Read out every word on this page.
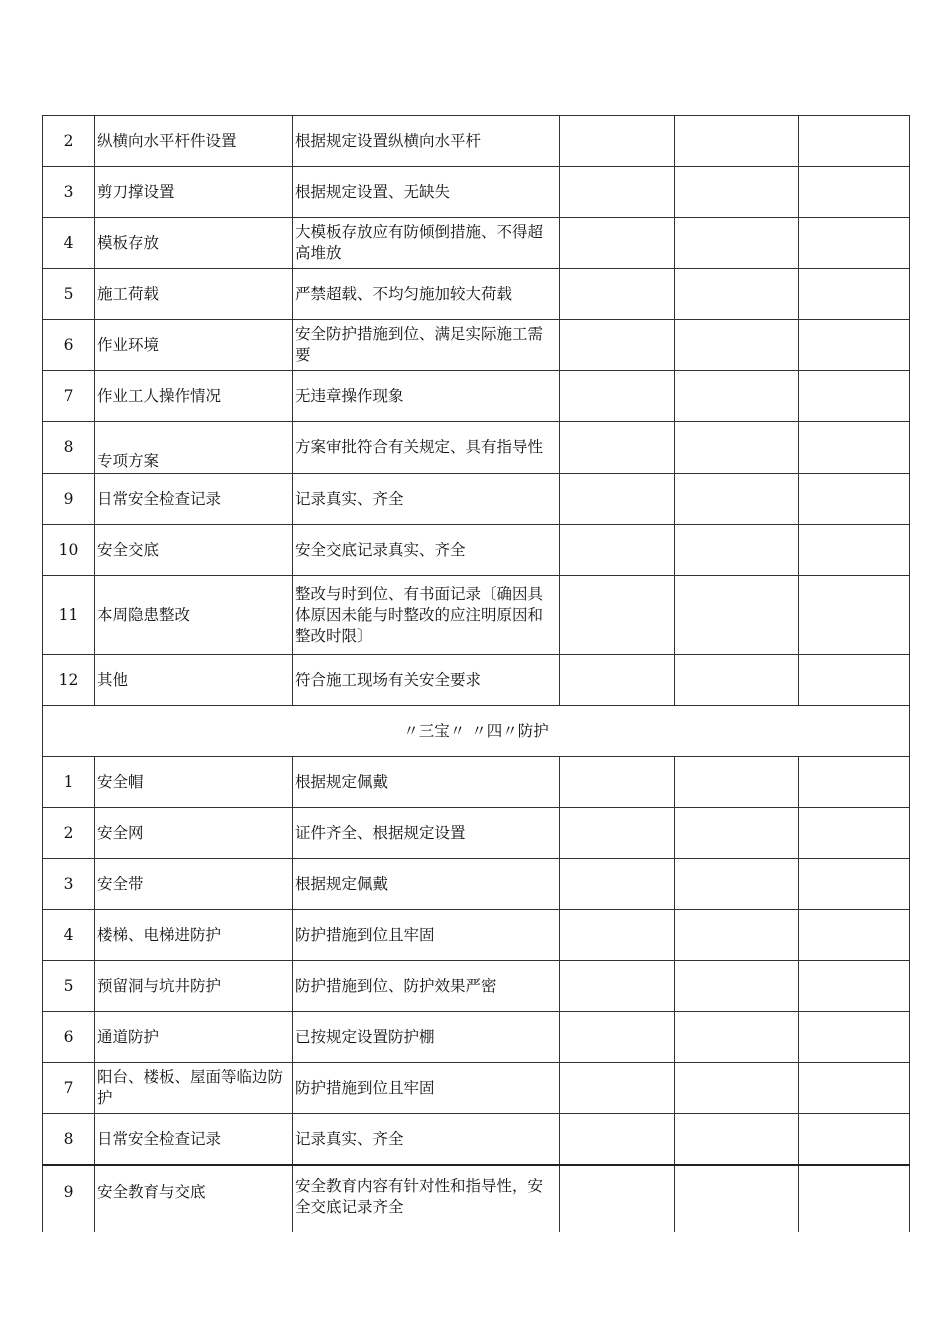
2	纵横向水平杆件设置	根据规定设置纵横向水平杆			
3	剪刀撑设置	根据规定设置、无缺失			
4	模板存放	大模板存放应有防倾倒措施、不得超高堆放			
5	施工荷载	严禁超载、不均匀施加较大荷载			
6	作业环境	安全防护措施到位、满足实际施工需要			
7	作业工人操作情况	无违章操作现象			
8	专项方案	方案审批符合有关规定、具有指导性			
9	日常安全检查记录	记录真实、齐全			
10	安全交底	安全交底记录真实、齐全			
11	本周隐患整改	整改与时到位、有书面记录〔确因具体原因未能与时整改的应注明原因和整改时限〕			
12	其他	符合施工现场有关安全要求			
〃三宝〃 〃四〃防护					
1	安全帽	根据规定佩戴			
2	安全网	证件齐全、根据规定设置			
3	安全带	根据规定佩戴			
4	楼梯、电梯进防护	防护措施到位且牢固			
5	预留洞与坑井防护	防护措施到位、防护效果严密			
6	通道防护	已按规定设置防护棚			
7	阳台、楼板、屋面等临边防护	防护措施到位且牢固			
8	日常安全检查记录	记录真实、齐全			
9	安全教育与交底	安全教育内容有针对性和指导性，安全交底记录齐全			
